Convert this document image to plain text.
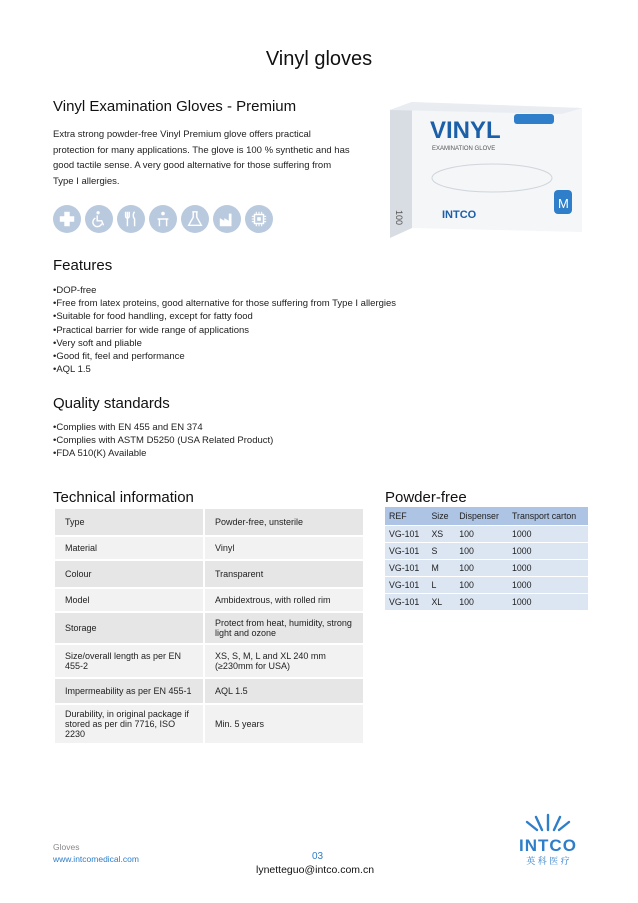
Vinyl gloves
Vinyl Examination Gloves - Premium
Extra strong powder-free Vinyl Premium glove offers practical protection for many applications. The glove is 100 % synthetic and has good tactile sense. A very good alternative for those suffering from Type I allergies.
VINYL
EXAMINATION GLOVE
100	INTCO
M
Features
• DOP-free
• Free from latex proteins, good alternative for those suffering from Type I allergies
• Suitable for food handling, except for fatty food
• Practical barrier for wide range of applications
• Very soft and pliable
• Good fit, feel and performance
• AQL 1.5
Quality standards
• Complies with EN 455 and EN 374
• Complies with ASTM D5250 (USA Related Product)
• FDA 510(K) Available
Technical information
Type	Powder-free, unsterile
Material	Vinyl
Colour	Transparent
Model	Ambidextrous, with rolled rim
Storage	Protect from heat, humidity, strong light and ozone
Size/overall length as per EN 455-2	XS, S, M, L and XL 240 mm (≥230mm for USA)
Impermeability as per EN 455-1	AQL 1.5
Durability, in original package if stored as per din 7716, ISO 2230	Min. 5 years
Powder-free
REF	Size	Dispenser	Transport carton
VG-101	XS	100	1000
VG-101	S	100	1000
VG-101	M	100	1000
VG-101	L	100	1000
VG-101	XL	100	1000
Gloves
www.intcomedical.com	03
lynetteguo@intco.com.cn
INTCO
英 科 医 疗
